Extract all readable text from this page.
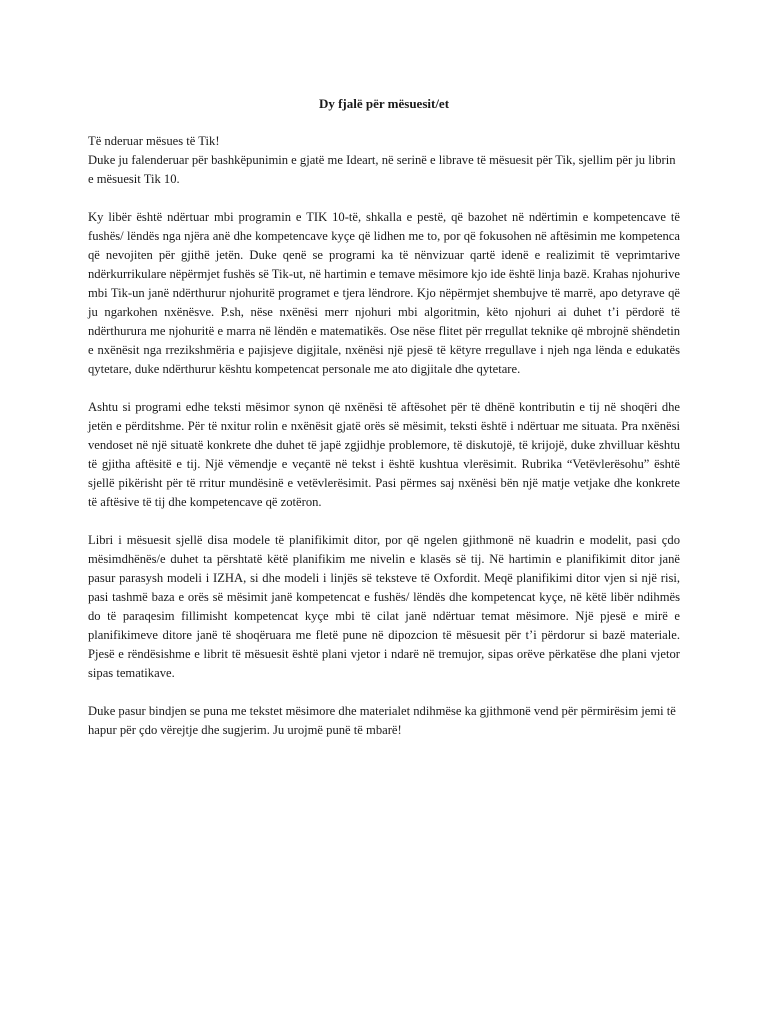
Dy fjalë për mësuesit/et
Të nderuar mësues të Tik!
Duke ju falenderuar për bashkëpunimin e gjatë me Ideart, në serinë e librave të mësuesit për Tik, sjellim për ju librin e mësuesit Tik 10.
Ky libër është ndërtuar mbi programin e TIK 10-të, shkalla e pestë, që bazohet në ndërtimin e kompetencave të fushës/ lëndës nga njëra anë dhe kompetencave kyçe që lidhen me to, por që fokusohen në aftësimin me kompetenca që nevojiten për gjithë jetën. Duke qenë se programi ka të nënvizuar qartë idenë e realizimit të veprimtarive ndërkurrikulare nëpërmjet fushës së Tik-ut, në hartimin e temave mësimore kjo ide është linja bazë. Krahas njohurive mbi Tik-un janë ndërthurur njohuritë programet e tjera lëndrore. Kjo nëpërmjet shembujve të marrë, apo detyrave që ju ngarkohen nxënësve. P.sh, nëse nxënësi merr njohuri mbi algoritmin, këto njohuri ai duhet t’i përdorë të ndërthurura me njohuritë e marra në lëndën e matematikës. Ose nëse flitet për rregullat teknike që mbrojnë shëndetin e nxënësit nga rrezikshmëria e pajisjeve digjitale, nxënësi një pjesë të këtyre rregullave i njeh nga lënda e edukatës qytetare, duke ndërthurur kështu kompetencat personale me ato digjitale dhe qytetare.
Ashtu si programi edhe teksti mësimor synon që nxënësi të aftësohet për të dhënë kontributin e tij në shoqëri dhe jetën e përditshme. Për të nxitur rolin e nxënësit gjatë orës së mësimit, teksti është i ndërtuar me situata. Pra nxënësi vendoset në një situatë konkrete dhe duhet të japë zgjidhje problemore, të diskutojë, të krijojë, duke zhvilluar kështu të gjitha aftësitë e tij. Një vëmendje e veçantë në tekst i është kushtua vlerësimit. Rubrika “Vetëvlerësohu” është sjellë pikërisht për të rritur mundësinë e vetëvlerësimit. Pasi përmes saj nxënësi bën një matje vetjake dhe konkrete të aftësive të tij dhe kompetencave që zotëron.
Libri i mësuesit sjellë disa modele të planifikimit ditor, por që ngelen gjithmonë në kuadrin e modelit, pasi çdo mësimdhënës/e duhet ta përshtatë këtë planifikim me nivelin e klasës së tij. Në hartimin e planifikimit ditor janë pasur parasysh modeli i IZHA, si dhe modeli i linjës së teksteve të Oxfordit. Meqë planifikimi ditor vjen si një risi, pasi tashmë baza e orës së mësimit janë kompetencat e fushës/ lëndës dhe kompetencat kyçe, në këtë libër ndihmës do të paraqesim fillimisht kompetencat kyçe mbi të cilat janë ndërtuar temat mësimore. Një pjesë e mirë e planifikimeve ditore janë të shoqëruara me fletë pune në dipozcion të mësuesit për t’i përdorur si bazë materiale. Pjesë e rëndësishme e librit të mësuesit është plani vjetor i ndarë në tremujor, sipas orëve përkatëse dhe plani vjetor sipas tematikave.
Duke pasur bindjen se puna me tekstet mësimore dhe materialet ndihmëse ka gjithmonë vend për përmirësim jemi të hapur për çdo vërejtje dhe sugjerim. Ju urojmë punë të mbarë!
